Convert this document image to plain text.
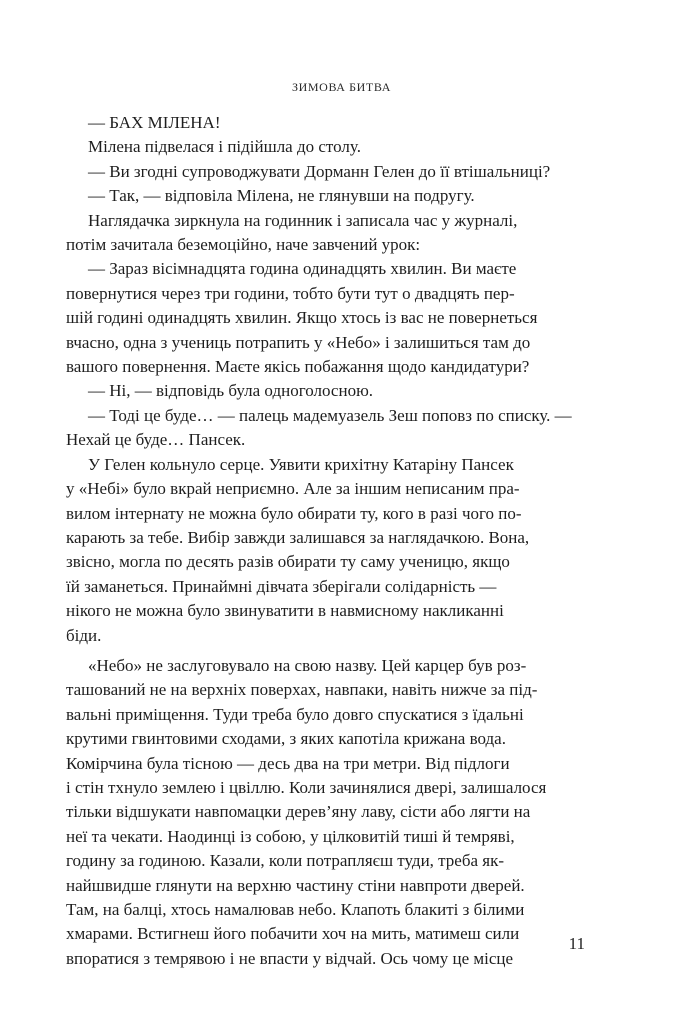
ЗИМОВА БИТВА

— БАХ МІЛЕНА!

Мілена підвелася і підійшла до столу.

— Ви згодні супроводжувати Дорманн Гелен до її втішальниці?

— Так, — відповіла Мілена, не глянувши на подругу.

Наглядачка зиркнула на годинник і записала час у журналі,

потім зачитала беземоційно, наче завчений урок:

— Зараз вісімнадцята година одинадцять хвилин. Ви маєте

повернутися через три години, тобто бути тут о двадцять пер-

шій годині одинадцять хвилин. Якщо хтось із вас не повернеться

вчасно, одна з учениць потрапить у «Небо» і залишиться там до

вашого повернення. Маєте якісь побажання щодо кандидатури?

— Ні, — відповідь була одноголосною.

— Тоді це буде… — палець мадемуазель Зеш поповз по списку. —

Нехай це буде… Пансек.

У Гелен кольнуло серце. Уявити крихітну Катаріну Пансек

у «Небі» було вкрай неприємно. Але за іншим неписаним пра-

вилом інтернату не можна було обирати ту, кого в разі чого по-

карають за тебе. Вибір завжди залишався за наглядачкою. Вона,

звісно, могла по десять разів обирати ту саму ученицю, якщо

їй заманеться. Принаймні дівчата зберігали солідарність —

нікого не можна було звинуватити в навмисному накликанні

біди.

«Небо» не заслуговувало на свою назву. Цей карцер був роз-

ташований не на верхніх поверхах, навпаки, навіть нижче за під-

вальні приміщення. Туди треба було довго спускатися з їдальні

крутими гвинтовими сходами, з яких капотіла крижана вода.

Комірчина була тісною — десь два на три метри. Від підлоги

і стін тхнуло землею і цвіллю. Коли зачинялися двері, залишалося

тільки відшукати навпомацки дерев’яну лаву, сісти або лягти на

неї та чекати. Наодинці із собою, у цілковитій тиші й темряві,

годину за годиною. Казали, коли потрапляєш туди, треба як-

найшвидше глянути на верхню частину стіни навпроти дверей.

Там, на балці, хтось намалював небо. Клапоть блакиті з білими

хмарами. Встигнеш його побачити хоч на мить, матимеш сили

впоратися з темрявою і не впасти у відчай. Ось чому це місце

11
